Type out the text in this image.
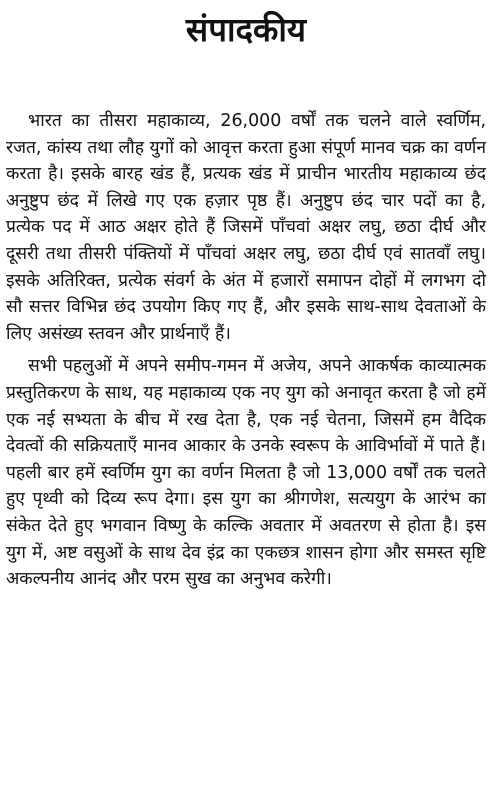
संपादकीय

भारत का तीसरा महाकाव्य, 26,000 वर्षों तक चलने वाले स्वर्णिम, रजत, कांस्य तथा लौह युगों को आवृत्त करता हुआ संपूर्ण मानव चक्र का वर्णन करता है। इसके बारह खंड हैं, प्रत्यक खंड में प्राचीन भारतीय महाकाव्य छंद अनुष्टुप छंद में लिखे गए एक हज़ार पृष्ठ हैं। अनुष्टुप छंद चार पदों का है, प्रत्येक पद में आठ अक्षर होते हैं जिसमें पाँचवां अक्षर लघु, छठा दीर्घ और दूसरी तथा तीसरी पंक्तियों में पाँचवां अक्षर लघु, छठा दीर्घ एवं सातवाँ लघु। इसके अतिरिक्त, प्रत्येक संवर्ग के अंत में हजारों समापन दोहों में लगभग दो सौ सत्तर विभिन्न छंद उपयोग किए गए हैं, और इसके साथ-साथ देवताओं के लिए असंख्य स्तवन और प्रार्थनाएँ हैं।

सभी पहलुओं में अपने समीप-गमन में अजेय, अपने आकर्षक काव्यात्मक प्रस्तुतिकरण के साथ, यह महाकाव्य एक नए युग को अनावृत करता है जो हमें एक नई सभ्यता के बीच में रख देता है, एक नई चेतना, जिसमें हम वैदिक देवत्वों की सक्रियताएँ मानव आकार के उनके स्वरूप के आविर्भावों में पाते हैं। पहली बार हमें स्वर्णिम युग का वर्णन मिलता है जो 13,000 वर्षों तक चलते हुए पृथ्वी को दिव्य रूप देगा। इस युग का श्रीगणेश, सत्ययुग के आरंभ का संकेत देते हुए भगवान विष्णु के कल्कि अवतार में अवतरण से होता है। इस युग में, अष्ट वसुओं के साथ देव इंद्र का एकछत्र शासन होगा और समस्त सृष्टि अकल्पनीय आनंद और परम सुख का अनुभव करेगी।
